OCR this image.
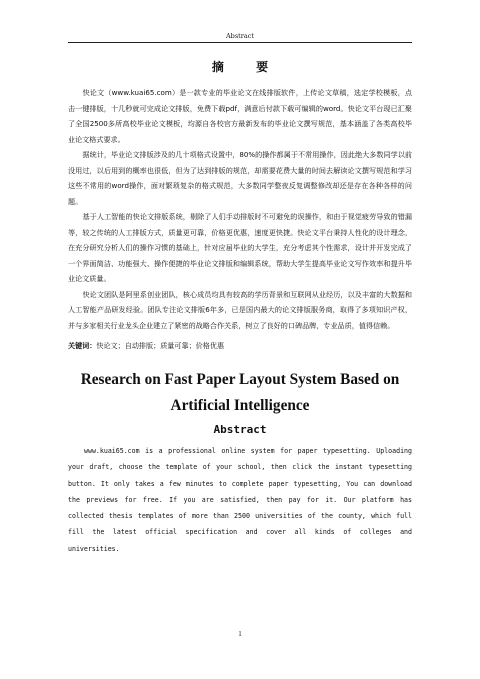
Abstract
摘 要

快论文（www.kuai65.com）是一款专业的毕业论文在线排版软件，上传论文草稿，选定学校模板，点击一键排版，十几秒就可完成论文排版，免费下载pdf，满意后付款下载可编辑的word。快论文平台现已汇聚了全国2500多所高校毕业论文模板，均源自各校官方最新发布的毕业论文撰写规范，基本涵盖了各类高校毕业论文格式要求。

据统计，毕业论文排版涉及的几十项格式设置中，80%的操作都属于不常用操作，因此绝大多数同学以前没用过，以后用到的概率也很低，但为了达到排版的规范，却需要花费大量的时间去解读论文撰写规范和学习这些不常用的word操作，面对繁琐复杂的格式规范，大多数同学整夜反复调整修改却还是存在各种各样的问题。

基于人工智能的快论文排版系统，剔除了人们手动排版时不可避免的误操作，和由于视觉疲劳导致的错漏等，较之传统的人工排版方式，质量更可靠，价格更优惠，速度更快捷。快论文平台秉持人性化的设计理念，在充分研究分析人们的操作习惯的基础上，针对应届毕业的大学生，充分考虑其个性需求，设计并开发完成了一个界面简洁、功能强大、操作便捷的毕业论文排版和编辑系统，帮助大学生提高毕业论文写作效率和提升毕业论文质量。

快论文团队是阿里系创业团队，核心成员均具有较高的学历背景和互联网从业经历，以及丰富的大数据和人工智能产品研发经验。团队专注论文排版6年多，已是国内最大的论文排版服务商，取得了多项知识产权，并与多家相关行业龙头企业建立了紧密的战略合作关系，树立了良好的口碑品牌，专业品质，值得信赖。

关键词：快论文；自动排版；质量可靠；价格优惠

Research on Fast Paper Layout System Based on Artificial Intelligence
Abstract

www.kuai65.com is a professional online system for paper typesetting. Uploading your draft, choose the template of your school, then click the instant typesetting button. It only takes a few minutes to complete paper typesetting, You can download the previews for free. If you are satisfied, then pay for it. Our platform has collected thesis templates of more than 2500 universities of the county, which full fill the latest official specification and cover all kinds of colleges and universities.

1
